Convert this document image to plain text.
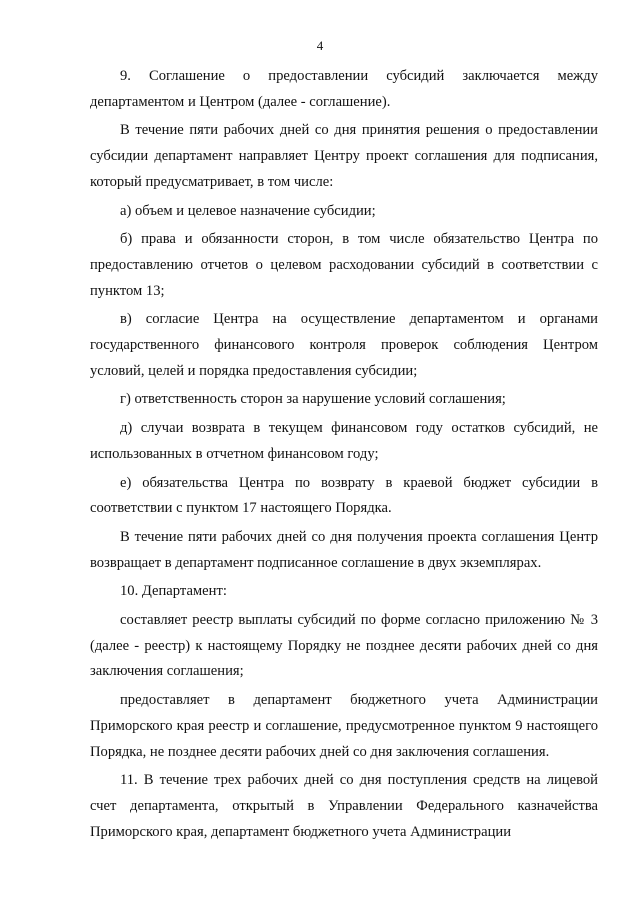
4

9. Соглашение о предоставлении субсидий заключается между департаментом и Центром (далее - соглашение).

В течение пяти рабочих дней со дня принятия решения о предоставлении субсидии департамент направляет Центру проект соглашения для подписания, который предусматривает, в том числе:

а) объем и целевое назначение субсидии;

б) права и обязанности сторон, в том числе обязательство Центра по предоставлению отчетов о целевом расходовании субсидий в соответствии с пунктом 13;

в) согласие Центра на осуществление департаментом и органами государственного финансового контроля проверок соблюдения Центром условий, целей и порядка предоставления субсидии;

г) ответственность сторон за нарушение условий соглашения;

д) случаи возврата в текущем финансовом году остатков субсидий, не использованных в отчетном финансовом году;

е) обязательства Центра по возврату в краевой бюджет субсидии в соответствии с пунктом 17 настоящего Порядка.

В течение пяти рабочих дней со дня получения проекта соглашения Центр возвращает в департамент подписанное соглашение в двух экземплярах.

10. Департамент:

составляет реестр выплаты субсидий по форме согласно приложению № 3 (далее - реестр) к настоящему Порядку не позднее десяти рабочих дней со дня заключения соглашения;

предоставляет в департамент бюджетного учета Администрации Приморского края реестр и соглашение, предусмотренное пунктом 9 настоящего Порядка, не позднее десяти рабочих дней со дня заключения соглашения.

11. В течение трех рабочих дней со дня поступления средств на лицевой счет департамента, открытый в Управлении Федерального казначейства Приморского края, департамент бюджетного учета Администрации
